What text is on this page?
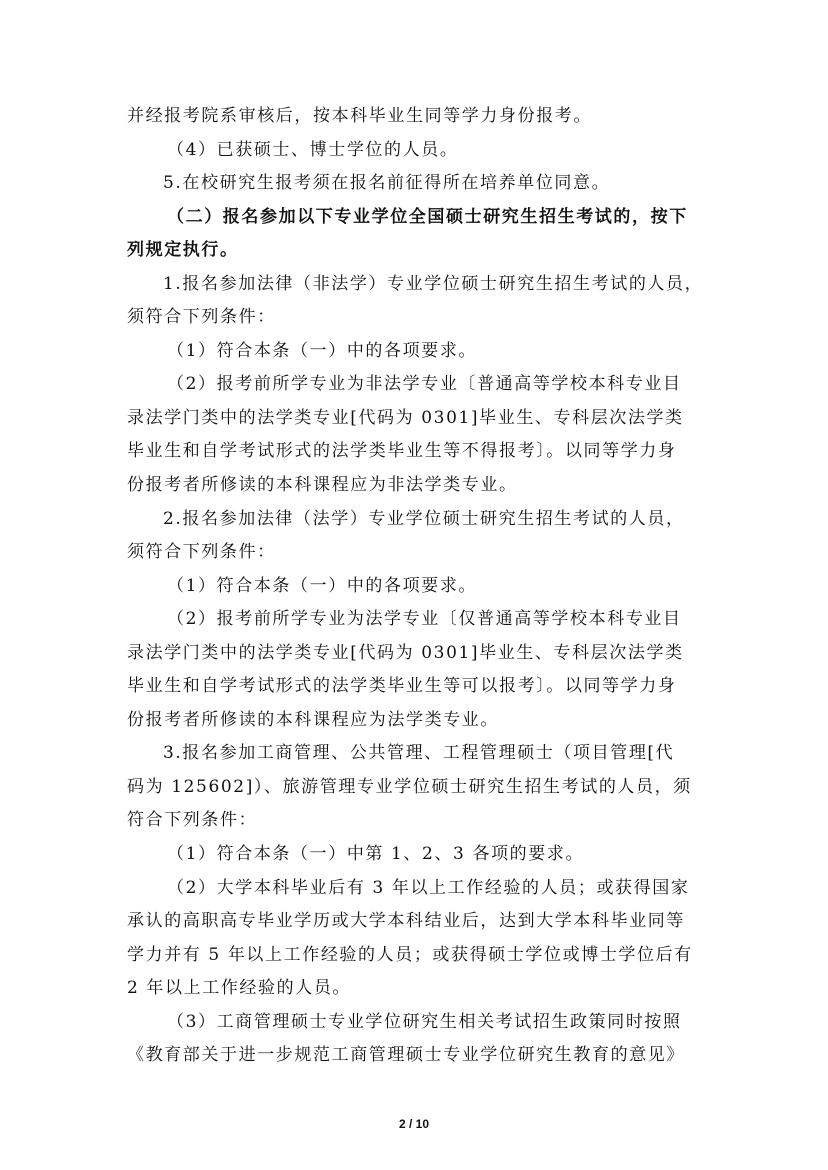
并经报考院系审核后，按本科毕业生同等学力身份报考。
（4）已获硕士、博士学位的人员。
5.在校研究生报考须在报名前征得所在培养单位同意。
（二）报名参加以下专业学位全国硕士研究生招生考试的，按下
列规定执行。
1.报名参加法律（非法学）专业学位硕士研究生招生考试的人员，
须符合下列条件：
（1）符合本条（一）中的各项要求。
（2）报考前所学专业为非法学专业〔普通高等学校本科专业目
录法学门类中的法学类专业[代码为 0301]毕业生、专科层次法学类
毕业生和自学考试形式的法学类毕业生等不得报考〕。以同等学力身
份报考者所修读的本科课程应为非法学类专业。
2.报名参加法律（法学）专业学位硕士研究生招生考试的人员，
须符合下列条件：
（1）符合本条（一）中的各项要求。
（2）报考前所学专业为法学专业〔仅普通高等学校本科专业目
录法学门类中的法学类专业[代码为 0301]毕业生、专科层次法学类
毕业生和自学考试形式的法学类毕业生等可以报考〕。以同等学力身
份报考者所修读的本科课程应为法学类专业。
3.报名参加工商管理、公共管理、工程管理硕士（项目管理[代
码为 125602]）、旅游管理专业学位硕士研究生招生考试的人员，须
符合下列条件：
（1）符合本条（一）中第 1、2、3 各项的要求。
（2）大学本科毕业后有 3 年以上工作经验的人员；或获得国家
承认的高职高专毕业学历或大学本科结业后，达到大学本科毕业同等
学力并有 5 年以上工作经验的人员；或获得硕士学位或博士学位后有
2 年以上工作经验的人员。
（3）工商管理硕士专业学位研究生相关考试招生政策同时按照
《教育部关于进一步规范工商管理硕士专业学位研究生教育的意见》
2 / 10
